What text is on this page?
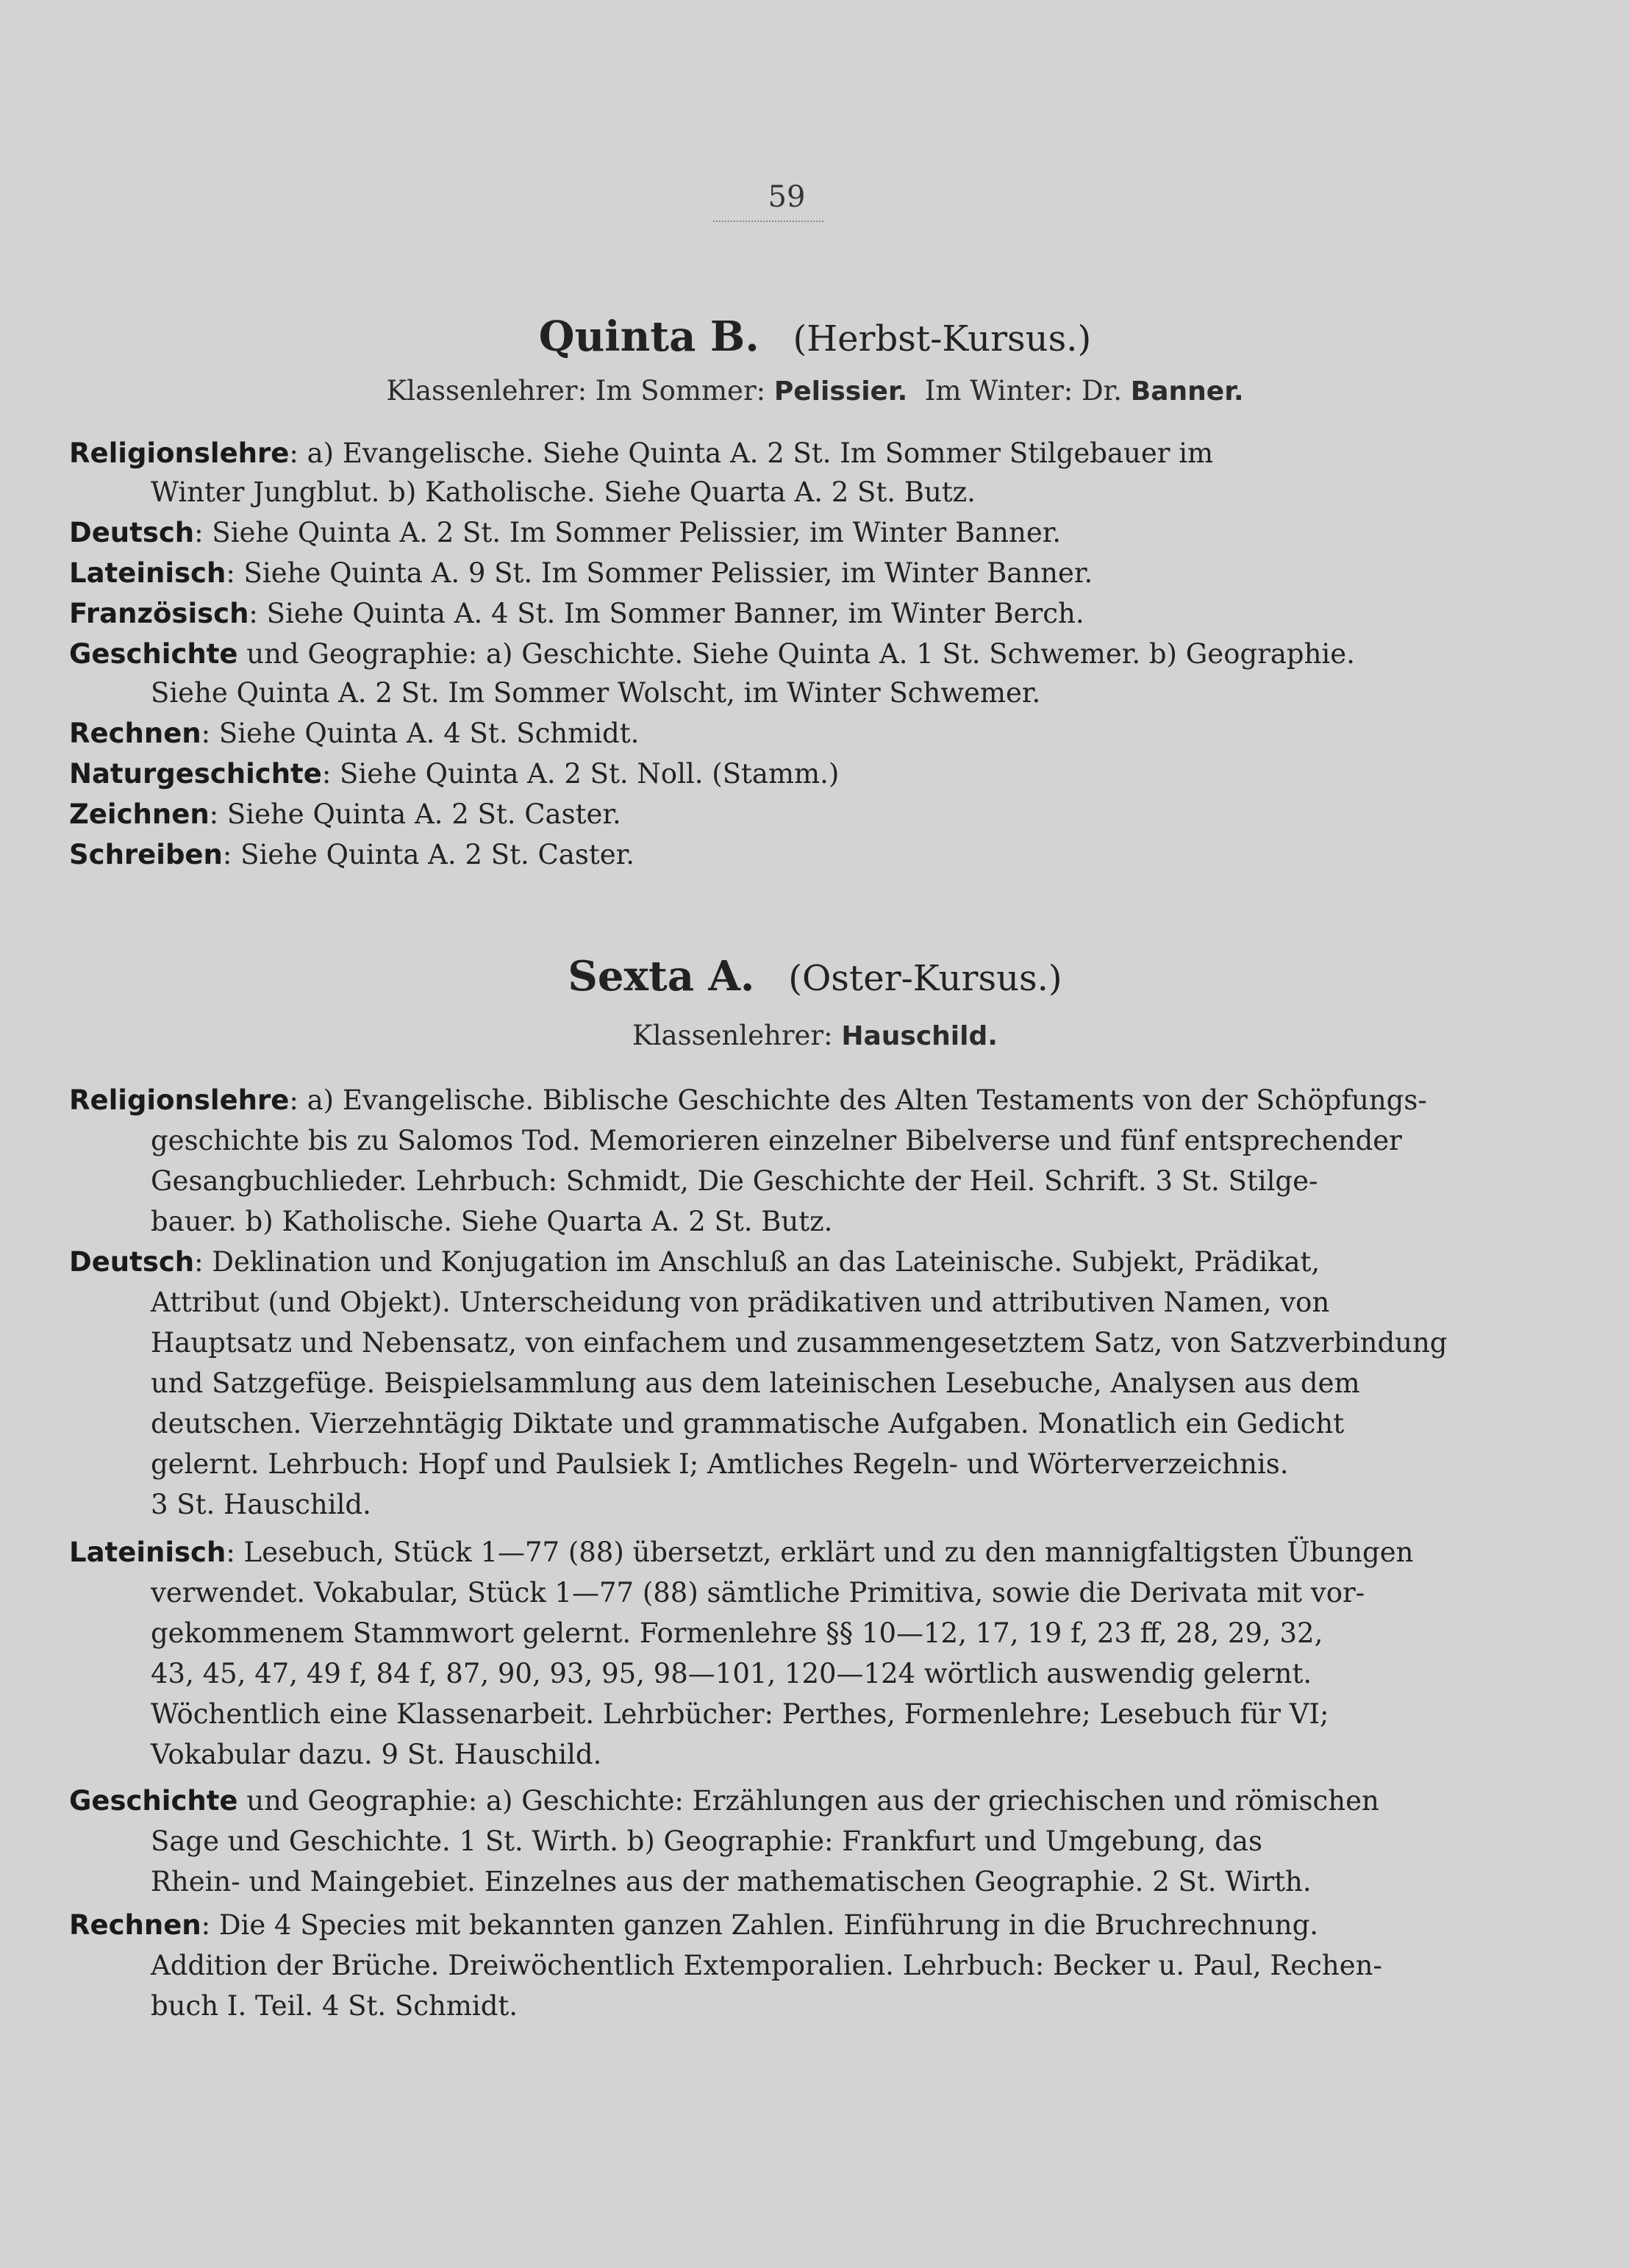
59
Quinta B. (Herbst-Kursus.)
Klassenlehrer: Im Sommer: Pelissier. Im Winter: Dr. Banner.
Religionslehre: a) Evangelische. Siehe Quinta A. 2 St. Im Sommer Stilgebauer im
Winter Jungblut. b) Katholische. Siehe Quarta A. 2 St. Butz.
Deutsch: Siehe Quinta A. 2 St. Im Sommer Pelissier, im Winter Banner.
Lateinisch: Siehe Quinta A. 9 St. Im Sommer Pelissier, im Winter Banner.
Französisch: Siehe Quinta A. 4 St. Im Sommer Banner, im Winter Berch.
Geschichte und Geographie: a) Geschichte. Siehe Quinta A. 1 St. Schwemer. b) Geographie.
Siehe Quinta A. 2 St. Im Sommer Wolscht, im Winter Schwemer.
Rechnen: Siehe Quinta A. 4 St. Schmidt.
Naturgeschichte: Siehe Quinta A. 2 St. Noll. (Stamm.)
Zeichnen: Siehe Quinta A. 2 St. Caster.
Schreiben: Siehe Quinta A. 2 St. Caster.
Sexta A. (Oster-Kursus.)
Klassenlehrer: Hauschild.
Religionslehre: a) Evangelische. Biblische Geschichte des Alten Testaments von der Schöpfungs-
geschichte bis zu Salomos Tod. Memorieren einzelner Bibelverse und fünf entsprechender
Gesangbuchlieder. Lehrbuch: Schmidt, Die Geschichte der Heil. Schrift. 3 St. Stilge-
bauer. b) Katholische. Siehe Quarta A. 2 St. Butz.
Deutsch: Deklination und Konjugation im Anschluß an das Lateinische. Subjekt, Prädikat,
Attribut (und Objekt). Unterscheidung von prädikativen und attributiven Namen, von
Hauptsatz und Nebensatz, von einfachem und zusammengesetztem Satz, von Satzverbindung
und Satzgefüge. Beispielsammlung aus dem lateinischen Lesebuche, Analysen aus dem
deutschen. Vierzehntägig Diktate und grammatische Aufgaben. Monatlich ein Gedicht
gelernt. Lehrbuch: Hopf und Paulsiek I; Amtliches Regeln- und Wörterverzeichnis.
3 St. Hauschild.
Lateinisch: Lesebuch, Stück 1—77 (88) übersetzt, erklärt und zu den mannigfaltigsten Übungen
verwendet. Vokabular, Stück 1—77 (88) sämtliche Primitiva, sowie die Derivata mit vor-
gekommenem Stammwort gelernt. Formenlehre §§ 10—12, 17, 19 f, 23 ff, 28, 29, 32,
43, 45, 47, 49 f, 84 f, 87, 90, 93, 95, 98—101, 120—124 wörtlich auswendig gelernt.
Wöchentlich eine Klassenarbeit. Lehrbücher: Perthes, Formenlehre; Lesebuch für VI;
Vokabular dazu. 9 St. Hauschild.
Geschichte und Geographie: a) Geschichte: Erzählungen aus der griechischen und römischen
Sage und Geschichte. 1 St. Wirth. b) Geographie: Frankfurt und Umgebung, das
Rhein- und Maingebiet. Einzelnes aus der mathematischen Geographie. 2 St. Wirth.
Rechnen: Die 4 Species mit bekannten ganzen Zahlen. Einführung in die Bruchrechnung.
Addition der Brüche. Dreiwöchentlich Extemporalien. Lehrbuch: Becker u. Paul, Rechen-
buch I. Teil. 4 St. Schmidt.
